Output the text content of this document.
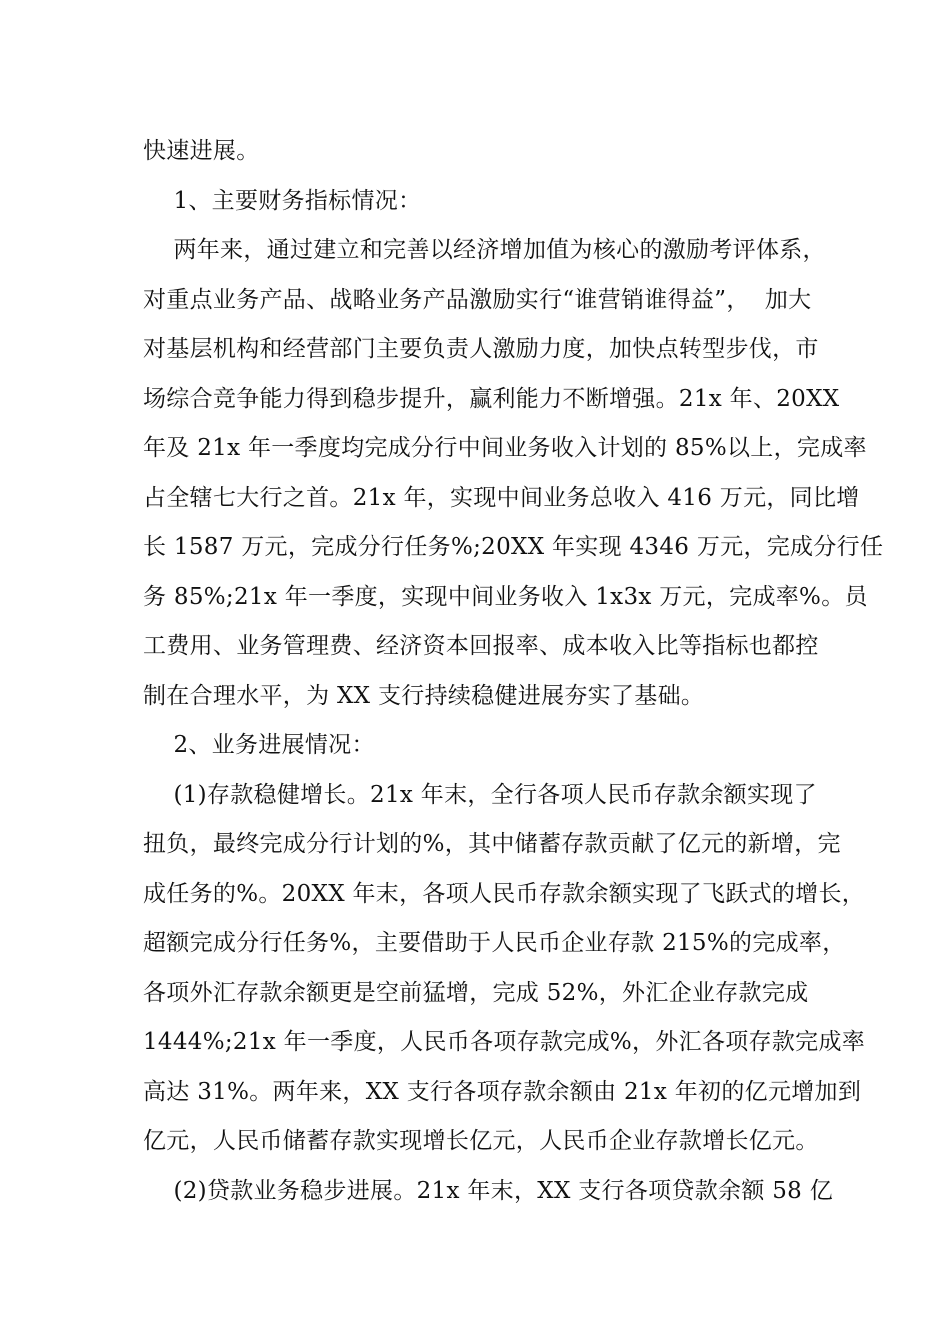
快速进展。
1、主要财务指标情况：
两年来，通过建立和完善以经济增加值为核心的激励考评体系，
对重点业务产品、战略业务产品激励实行“谁营销谁得益”，  加大
对基层机构和经营部门主要负责人激励力度，加快点转型步伐，市
场综合竞争能力得到稳步提升，赢利能力不断增强。21x 年、20XX
年及 21x 年一季度均完成分行中间业务收入计划的 85%以上，完成率
占全辖七大行之首。21x 年，实现中间业务总收入 416 万元，同比增
长 1587 万元，完成分行任务%;20XX 年实现 4346 万元，完成分行任
务 85%;21x 年一季度，实现中间业务收入 1x3x 万元，完成率%。员
工费用、业务管理费、经济资本回报率、成本收入比等指标也都控
制在合理水平，为 XX 支行持续稳健进展夯实了基础。
2、业务进展情况：
(1)存款稳健增长。21x 年末，全行各项人民币存款余额实现了
扭负，最终完成分行计划的%，其中储蓄存款贡献了亿元的新增，完
成任务的%。20XX 年末，各项人民币存款余额实现了飞跃式的增长，
超额完成分行任务%，主要借助于人民币企业存款 215%的完成率，
各项外汇存款余额更是空前猛增，完成 52%，外汇企业存款完成
1444%;21x 年一季度，人民币各项存款完成%，外汇各项存款完成率
高达 31%。两年来，XX 支行各项存款余额由 21x 年初的亿元增加到
亿元，人民币储蓄存款实现增长亿元，人民币企业存款增长亿元。
(2)贷款业务稳步进展。21x 年末，XX 支行各项贷款余额 58 亿
